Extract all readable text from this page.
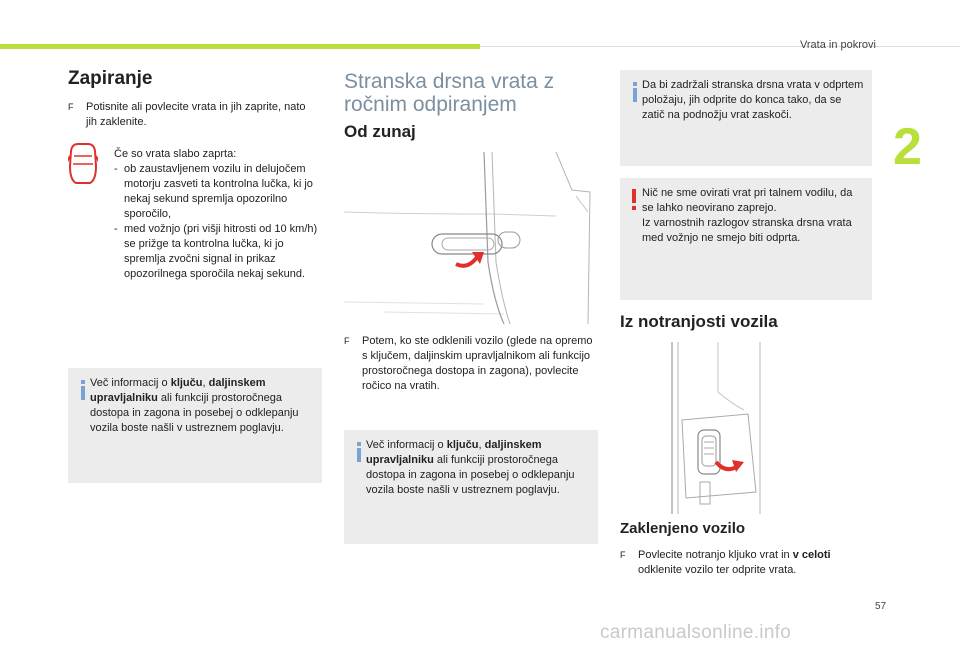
Vrata in pokrovi
2
57
carmanualsonline.info
Zapiranje
F	Potisnite ali povlecite vrata in jih zaprite, nato jih zaklenite.
Če so vrata slabo zaprta:
- ob zaustavljenem vozilu in delujočem motorju zasveti ta kontrolna lučka, ki jo nekaj sekund spremlja opozorilno sporočilo,
- med vožnjo (pri višji hitrosti od 10 km/h) se prižge ta kontrolna lučka, ki jo spremlja zvočni signal in prikaz opozorilnega sporočila nekaj sekund.
Več informacij o ključu, daljinskem upravljalniku ali funkciji prostoročnega dostopa in zagona in posebej o odklepanju vozila boste našli v ustreznem poglavju.
Stranska drsna vrata z
ročnim odpiranjem
Od zunaj
F	Potem, ko ste odklenili vozilo (glede na opremo s ključem, daljinskim upravljalnikom ali funkcijo prostoročnega dostopa in zagona), povlecite ročico na vratih.
Več informacij o ključu, daljinskem upravljalniku ali funkciji prostoročnega dostopa in zagona in posebej o odklepanju vozila boste našli v ustreznem poglavju.
Da bi zadržali stranska drsna vrata v odprtem položaju, jih odprite do konca tako, da se zatič na podnožju vrat zaskoči.
Nič ne sme ovirati vrat pri talnem vodilu, da se lahko neovirano zaprejo.
Iz varnostnih razlogov stranska drsna vrata med vožnjo ne smejo biti odprta.
Iz notranjosti vozila
Zaklenjeno vozilo
F	Povlecite notranjo kljuko vrat in v celoti odklenite vozilo ter odprite vrata.
